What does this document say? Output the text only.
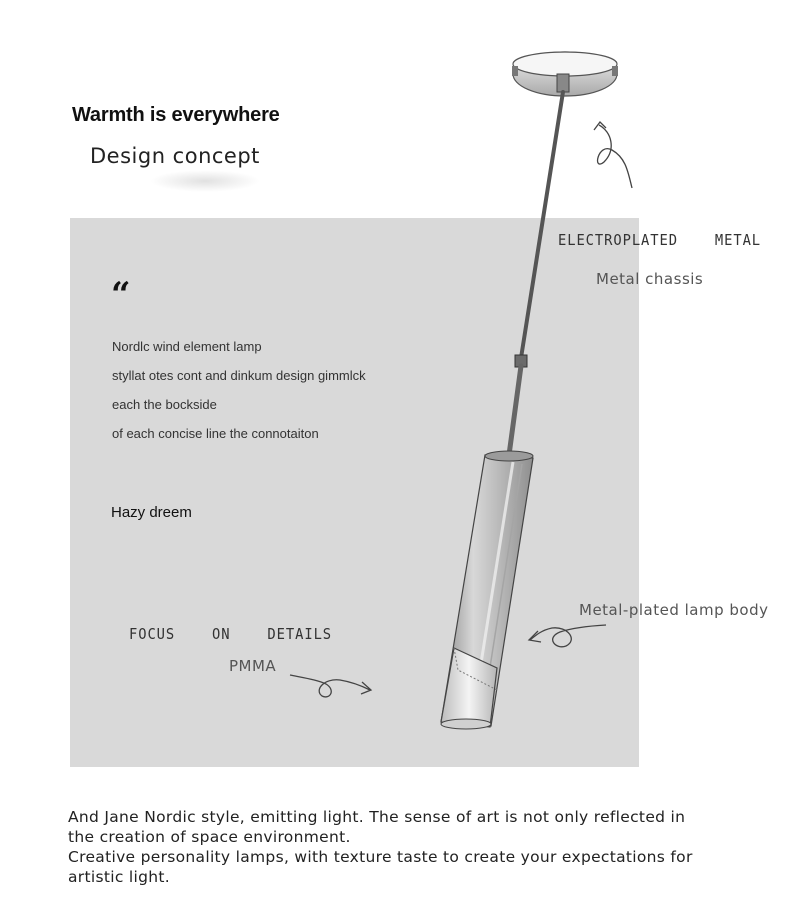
Warmth is everywhere
Design concept
“
Nordlc wind element lamp
styllat otes cont and dinkum design gimmlck
each the bockside
of each concise line the connotaiton
Hazy dreem
ELECTROPLATED    METAL
Metal chassis
Metal-plated lamp body
FOCUS    ON    DETAILS
PMMA
And Jane Nordic style, emitting light. The sense of art is not only reflected in
the creation of space environment.
Creative personality lamps, with texture taste to create your expectations for
artistic light.
